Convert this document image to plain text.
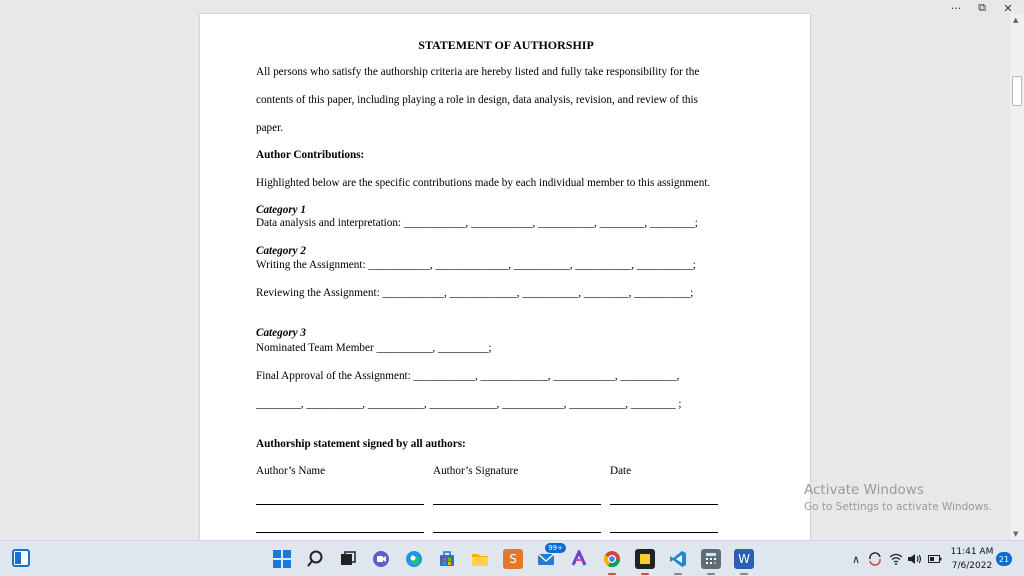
···	⧉	✕
STATEMENT OF AUTHORSHIP
All persons who satisfy the authorship criteria are hereby listed and fully take responsibility for the
contents of this paper, including playing a role in design, data analysis, revision, and review of this
paper.
Author Contributions:
Highlighted below are the specific contributions made by each individual member to this assignment.
Category 1
Data analysis and interpretation: ___________, ___________, __________, ________, ________;
Category 2
Writing the Assignment: ___________, _____________, __________, __________, __________;
Reviewing the Assignment: ___________, ____________, __________, ________, __________;
Category 3
Nominated Team Member __________, _________;
Final Approval of the Assignment: ___________, ____________, ___________, __________,
________, __________, __________, ____________, ___________, __________, ________ ;
Authorship statement signed by all authors:
Author’s Name	Author’s Signature	Date
▲
▼
Activate Windows
Go to Settings to activate Windows.
S
99+
W	∧
11:41 AM
7/6/2022
21
